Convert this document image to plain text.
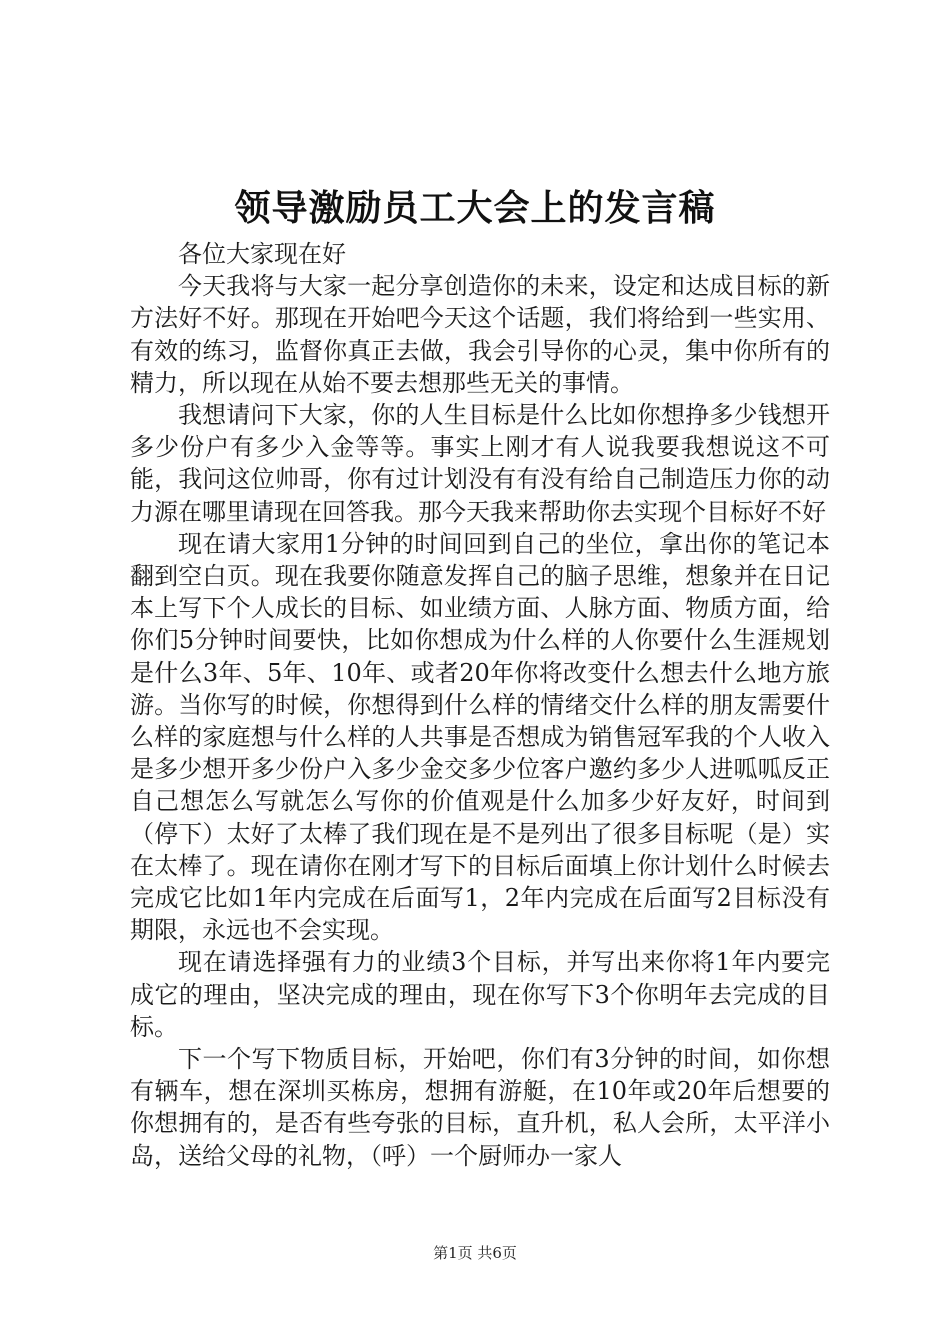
领导激励员工大会上的发言稿

各位大家现在好

今天我将与大家一起分享创造你的未来，设定和达成目标的新方法好不好。那现在开始吧今天这个话题，我们将给到一些实用、有效的练习，监督你真正去做，我会引导你的心灵，集中你所有的精力，所以现在从始不要去想那些无关的事情。

我想请问下大家，你的人生目标是什么比如你想挣多少钱想开多少份户有多少入金等等。事实上刚才有人说我要我想说这不可能，我问这位帅哥，你有过计划没有有没有给自己制造压力你的动力源在哪里请现在回答我。那今天我来帮助你去实现个目标好不好

现在请大家用1分钟的时间回到自己的坐位，拿出你的笔记本翻到空白页。现在我要你随意发挥自己的脑子思维，想象并在日记本上写下个人成长的目标、如业绩方面、人脉方面、物质方面，给你们5分钟时间要快，比如你想成为什么样的人你要什么生涯规划是什么3年、5年、10年、或者20年你将改变什么想去什么地方旅游。当你写的时候，你想得到什么样的情绪交什么样的朋友需要什么样的家庭想与什么样的人共事是否想成为销售冠军我的个人收入是多少想开多少份户入多少金交多少位客户邀约多少人进呱呱反正自己想怎么写就怎么写你的价值观是什么加多少好友好，时间到（停下）太好了太棒了我们现在是不是列出了很多目标呢（是）实在太棒了。现在请你在刚才写下的目标后面填上你计划什么时候去完成它比如1年内完成在后面写1，2年内完成在后面写2目标没有期限，永远也不会实现。

现在请选择强有力的业绩3个目标，并写出来你将1年内要完成它的理由，坚决完成的理由，现在你写下3个你明年去完成的目标。

下一个写下物质目标，开始吧，你们有3分钟的时间，如你想有辆车，想在深圳买栋房，想拥有游艇，在10年或20年后想要的你想拥有的，是否有些夸张的目标，直升机，私人会所，太平洋小岛，送给父母的礼物，（呼）一个厨师办一家人

第1页 共6页
